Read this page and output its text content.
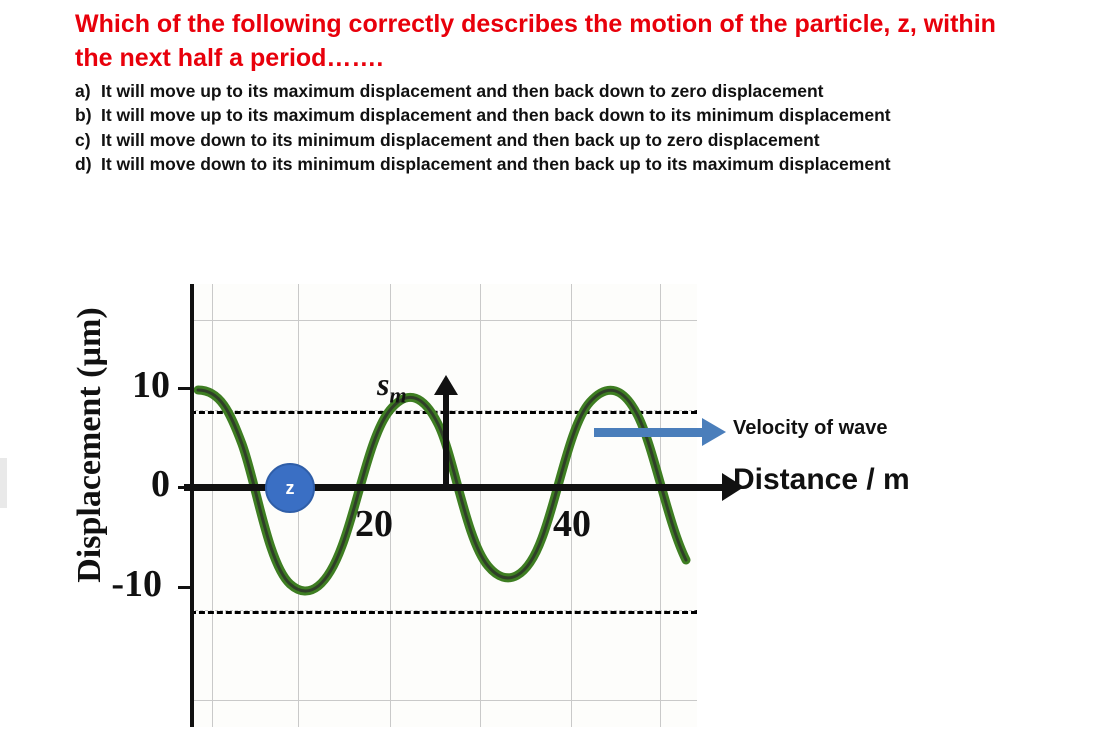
Which of the following correctly describes the motion of the particle, z, within the next half a period…….
a) It will move up to its maximum displacement and then back down to zero displacement
b) It will move up to its maximum displacement and then back down to its minimum displacement
c) It will move down to its minimum displacement and then back up to zero displacement
d) It will move down to its minimum displacement and then back up to its maximum displacement
Displacement (µm) 10
0
-10
20	40
$s_m$
z
Velocity of wave
Distance / m
